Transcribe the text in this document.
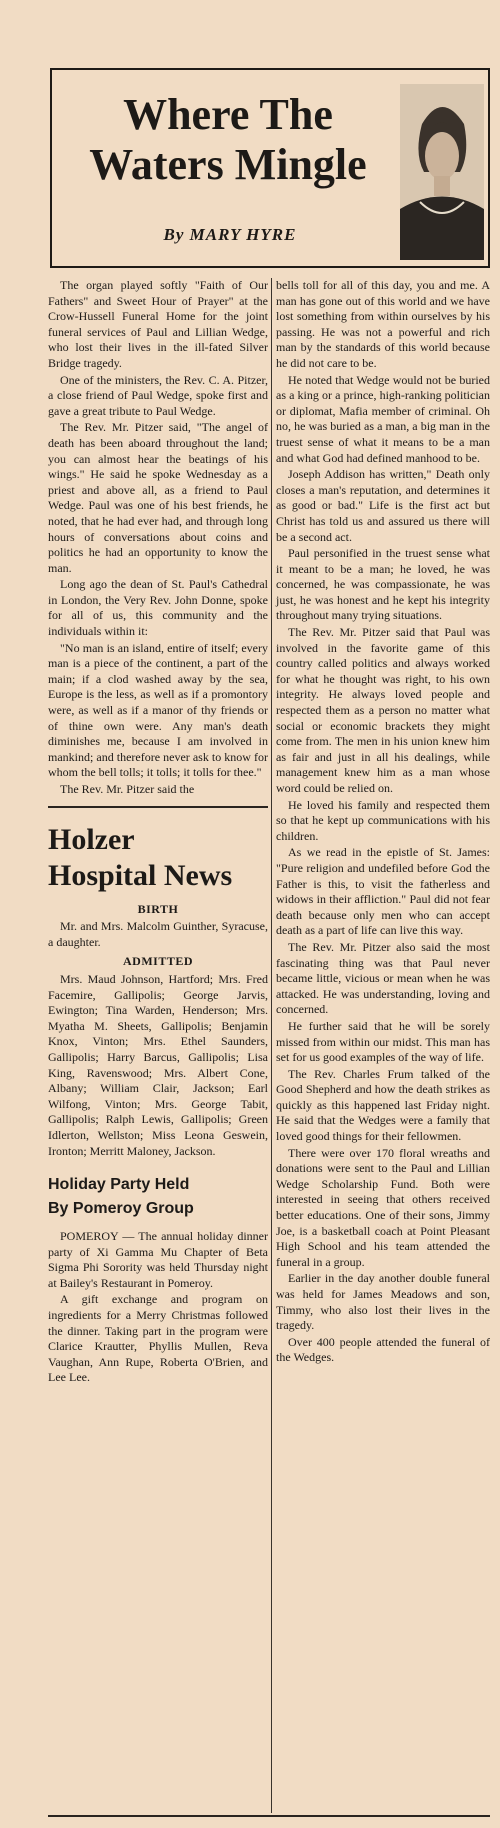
Where The
Waters Mingle
By MARY HYRE

The organ played softly "Faith of Our Fathers" and Sweet Hour of Prayer" at the Crow-Hussell Funeral Home for the joint funeral services of Paul and Lillian Wedge, who lost their lives in the ill-fated Silver Bridge tragedy.

One of the ministers, the Rev. C. A. Pitzer, a close friend of Paul Wedge, spoke first and gave a great tribute to Paul Wedge.

The Rev. Mr. Pitzer said, "The angel of death has been aboard throughout the land; you can almost hear the beatings of his wings." He said he spoke Wednesday as a priest and above all, as a friend to Paul Wedge. Paul was one of his best friends, he noted, that he had ever had, and through long hours of conversations about coins and politics he had an opportunity to know the man.

Long ago the dean of St. Paul's Cathedral in London, the Very Rev. John Donne, spoke for all of us, this community and the individuals within it:

"No man is an island, entire of itself; every man is a piece of the continent, a part of the main; if a clod washed away by the sea, Europe is the less, as well as if a promontory were, as well as if a manor of thy friends or of thine own were. Any man's death diminishes me, because I am involved in mankind; and therefore never ask to know for whom the bell tolls; it tolls; it tolls for thee."

The Rev. Mr. Pitzer said the

Holzer
Hospital News
BIRTH

Mr. and Mrs. Malcolm Guinther, Syracuse, a daughter.

ADMITTED

Mrs. Maud Johnson, Hartford; Mrs. Fred Facemire, Gallipolis; George Jarvis, Ewington; Tina Warden, Henderson; Mrs. Myatha M. Sheets, Gallipolis; Benjamin Knox, Vinton; Mrs. Ethel Saunders, Gallipolis; Harry Barcus, Gallipolis; Lisa King, Ravenswood; Mrs. Albert Cone, Albany; William Clair, Jackson; Earl Wilfong, Vinton; Mrs. George Tabit, Gallipolis; Ralph Lewis, Gallipolis; Green Idlerton, Wellston; Miss Leona Geswein, Ironton; Merritt Maloney, Jackson.

Holiday Party Held
By Pomeroy Group

POMEROY — The annual holiday dinner party of Xi Gamma Mu Chapter of Beta Sigma Phi Sorority was held Thursday night at Bailey's Restaurant in Pomeroy.

A gift exchange and program on ingredients for a Merry Christmas followed the dinner. Taking part in the program were Clarice Krautter, Phyllis Mullen, Reva Vaughan, Ann Rupe, Roberta O'Brien, and Lee Lee.

bells toll for all of this day, you and me. A man has gone out of this world and we have lost something from within ourselves by his passing. He was not a powerful and rich man by the standards of this world because he did not care to be.

He noted that Wedge would not be buried as a king or a prince, high-ranking politician or diplomat, Mafia member of criminal. Oh no, he was buried as a man, a big man in the truest sense of what it means to be a man and what God had defined manhood to be.

Joseph Addison has written," Death only closes a man's reputation, and determines it as good or bad." Life is the first act but Christ has told us and assured us there will be a second act.

Paul personified in the truest sense what it meant to be a man; he loved, he was concerned, he was compassionate, he was just, he was honest and he kept his integrity throughout many trying situations.

The Rev. Mr. Pitzer said that Paul was involved in the favorite game of this country called politics and always worked for what he thought was right, to his own integrity. He always loved people and respected them as a person no matter what social or economic brackets they might come from. The men in his union knew him as fair and just in all his dealings, while management knew him as a man whose word could be relied on.

He loved his family and respected them so that he kept up communications with his children.

As we read in the epistle of St. James: "Pure religion and undefiled before God the Father is this, to visit the fatherless and widows in their affliction." Paul did not fear death because only men who can accept death as a part of life can live this way.

The Rev. Mr. Pitzer also said the most fascinating thing was that Paul never became little, vicious or mean when he was attacked. He was understanding, loving and concerned.

He further said that he will be sorely missed from within our midst. This man has set for us good examples of the way of life.

The Rev. Charles Frum talked of the Good Shepherd and how the death strikes as quickly as this happened last Friday night. He said that the Wedges were a family that loved good things for their fellowmen.

There were over 170 floral wreaths and donations were sent to the Paul and Lillian Wedge Scholarship Fund. Both were interested in seeing that others received better educations. One of their sons, Jimmy Joe, is a basketball coach at Point Pleasant High School and his team attended the funeral in a group.

Earlier in the day another double funeral was held for James Meadows and son, Timmy, who also lost their lives in the tragedy.

Over 400 people attended the funeral of the Wedges.
